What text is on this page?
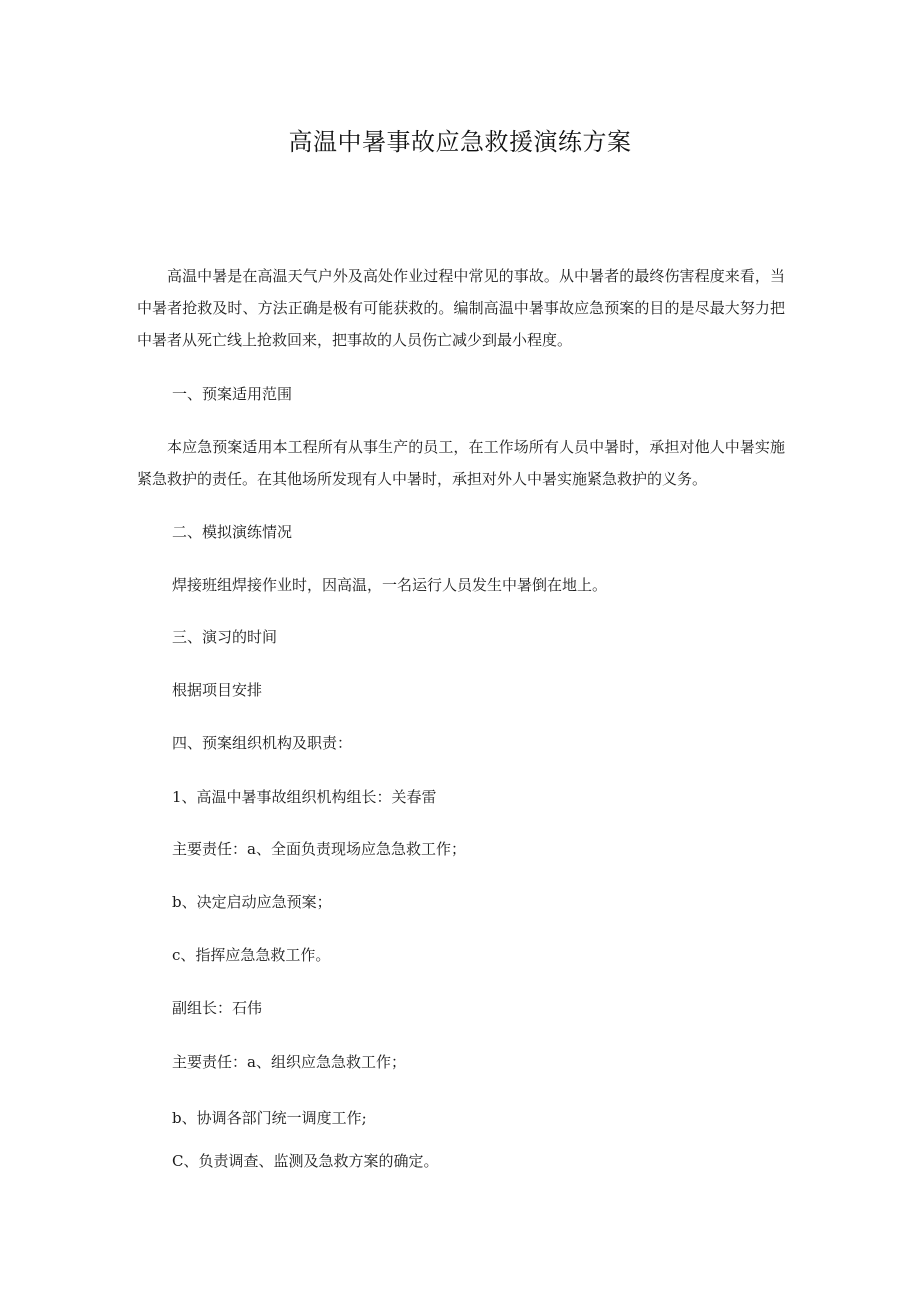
高温中暑事故应急救援演练方案
高温中暑是在高温天气户外及高处作业过程中常见的事故。从中暑者的最终伤害程度来看，当中暑者抢救及时、方法正确是极有可能获救的。编制高温中暑事故应急预案的目的是尽最大努力把中暑者从死亡线上抢救回来，把事故的人员伤亡减少到最小程度。
一、预案适用范围
本应急预案适用本工程所有从事生产的员工，在工作场所有人员中暑时，承担对他人中暑实施紧急救护的责任。在其他场所发现有人中暑时，承担对外人中暑实施紧急救护的义务。
二、模拟演练情况
焊接班组焊接作业时，因高温，一名运行人员发生中暑倒在地上。
三、演习的时间
根据项目安排
四、预案组织机构及职责：
1、高温中暑事故组织机构组长：关春雷
主要责任：a、全面负责现场应急急救工作；
b、决定启动应急预案；
c、指挥应急急救工作。
副组长：石伟
主要责任：a、组织应急急救工作；
b、协调各部门统一调度工作;
C、负责调查、监测及急救方案的确定。
